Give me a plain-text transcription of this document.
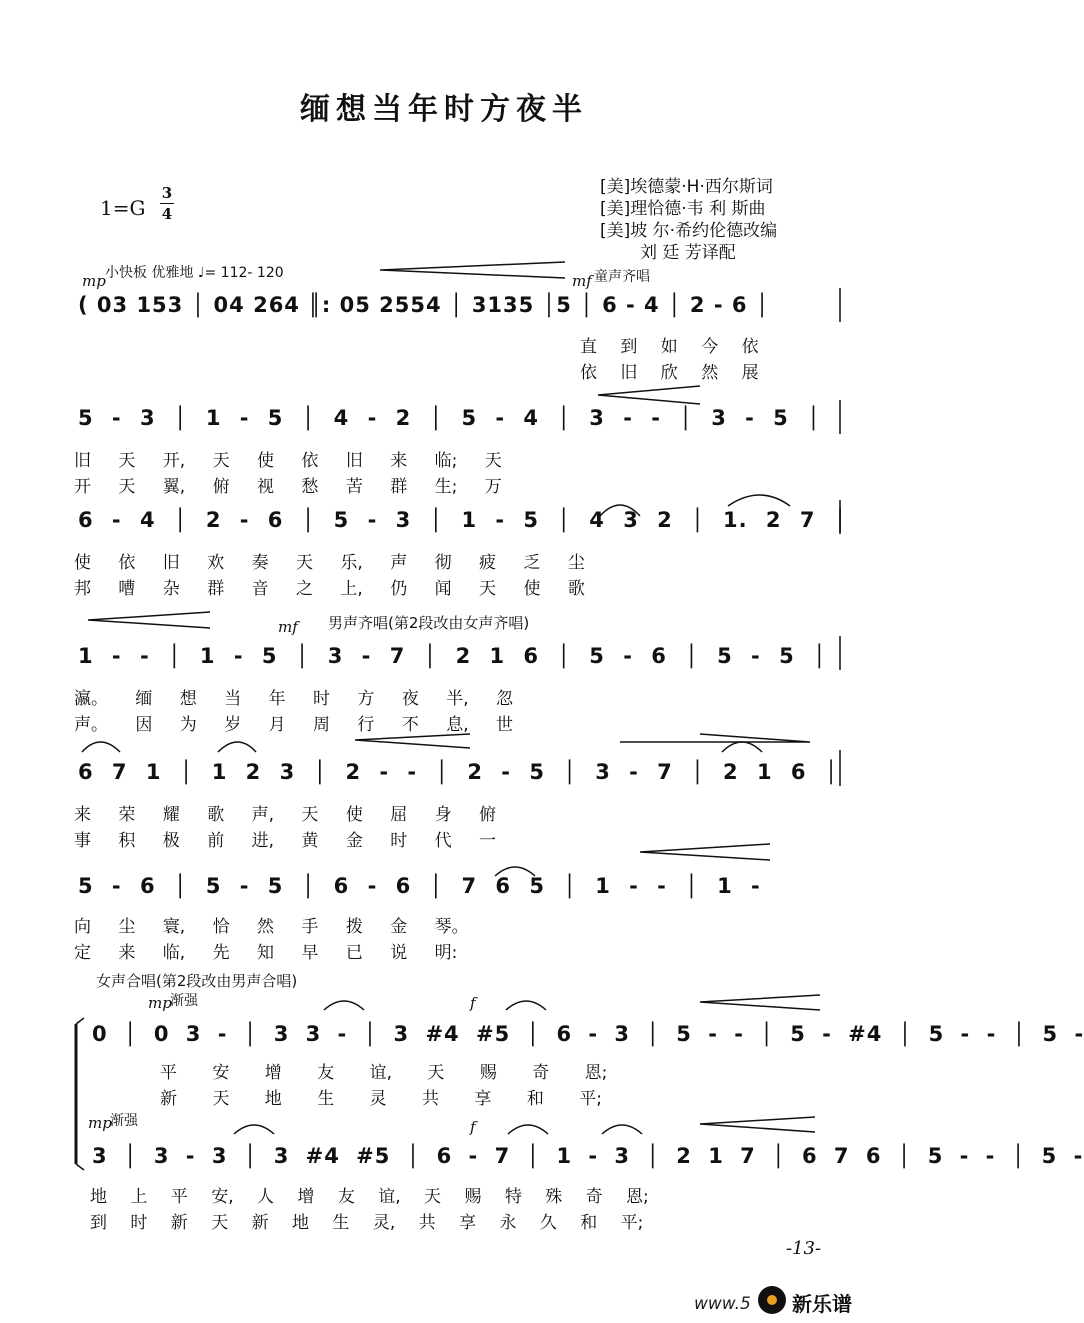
缅想当年时方夜半
1=G
3
4
[美]埃德蒙·H·西尔斯词
[美]理恰德·韦 利 斯曲
[美]坡 尔·希约伦德改编
刘 廷 芳译配
mp 小快板 优雅地 ♩= 112- 120	mf 童声齐唱
( 03 153 │ 04 264 ║: 05 2554 │ 3135 │5 │ 6 - 4 │ 2 - 6 │
直 到 如 今 依
依 旧 欣 然 展
5 - 3 │ 1 - 5 │ 4 - 2 │ 5 - 4 │ 3 - - │ 3 - 5 │
旧 天 开, 天 使 依 旧 来 临; 天
开 天 翼, 俯 视 愁 苦 群 生; 万
6 - 4 │ 2 - 6 │ 5 - 3 │ 1 - 5 │ 4 3 2 │ 1. 2 7 │
使 依 旧 欢 奏 天 乐, 声 彻 疲 乏 尘
邦 嘈 杂 群 音 之 上, 仍 闻 天 使 歌
mf 男声齐唱(第2段改由女声齐唱)
1 - - │ 1 - 5 │ 3 - 7 │ 2 1 6 │ 5 - 6 │ 5 - 5 │
瀛。 缅 想 当 年 时 方 夜 半, 忽
声。 因 为 岁 月 周 行 不 息, 世
6 7 1 │ 1 2 3 │ 2 - - │ 2 - 5 │ 3 - 7 │ 2 1 6 │
来 荣 耀 歌 声, 天 使 屈 身 俯
事 积 极 前 进, 黄 金 时 代 一
5 - 6 │ 5 - 5 │ 6 - 6 │ 7 6 5 │ 1 - - │ 1 -
向 尘 寰, 恰 然 手 拨 金 琴。
定 来 临, 先 知 早 已 说 明:
女声合唱(第2段改由男声合唱)
mp
渐强	f
0 │ 0 3 - │ 3 3 - │ 3 #4 #5 │ 6 - 3 │ 5 - - │ 5 - #4 │ 5 - - │ 5 -
平 安 增 友 谊, 天 赐 奇 恩;
新 天 地 生 灵 共 享 和 平;
mp
渐强	f
3 │ 3 - 3 │ 3 #4 #5 │ 6 - 7 │ 1 - 3 │ 2 1 7 │ 6 7 6 │ 5 - - │ 5 -
地 上 平 安, 人 增 友 谊, 天 赐 特 殊 奇 恩;
到 时 新 天 新 地 生 灵, 共 享 永 久 和 平;
-13-
www.5 新乐谱
